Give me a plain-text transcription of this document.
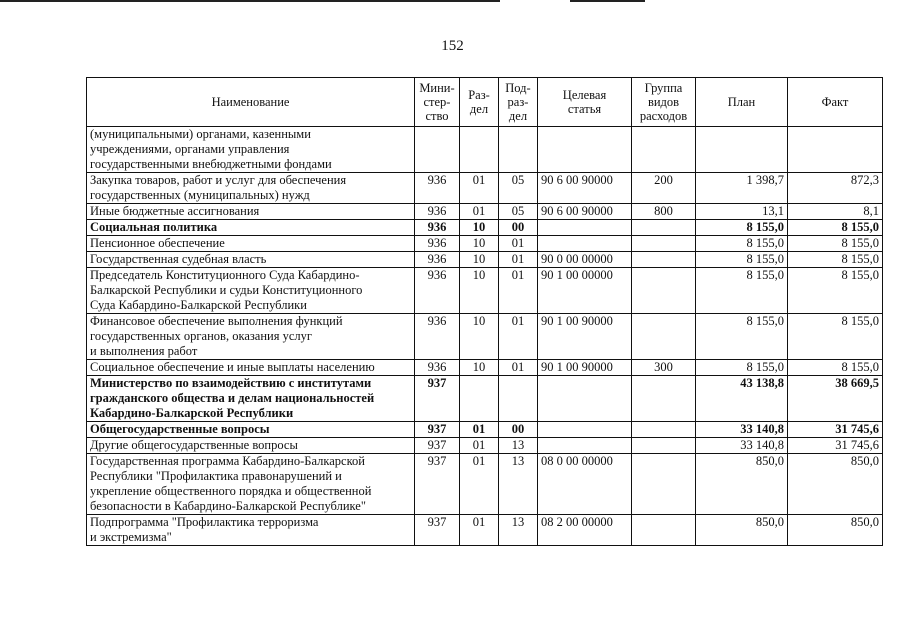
152
Наименование	Мини-
стер-
ство	Раз-
дел	Под-
раз-
дел	Целевая
статья	Группа
видов
расходов	План	Факт
(муниципальными) органами, казенными
учреждениями, органами управления
государственными внебюджетными фондами							
Закупка товаров, работ и услуг для обеспечения
государственных (муниципальных) нужд	936	01	05	90 6 00 90000	200	1 398,7	872,3
Иные бюджетные ассигнования	936	01	05	90 6 00 90000	800	13,1	8,1
Социальная политика	936	10	00			8 155,0	8 155,0
Пенсионное обеспечение	936	10	01			8 155,0	8 155,0
Государственная судебная власть	936	10	01	90 0 00 00000		8 155,0	8 155,0
Председатель Конституционного Суда Кабардино-
Балкарской Республики и судьи Конституционного
Суда Кабардино-Балкарской Республики	936	10	01	90 1 00 00000		8 155,0	8 155,0
Финансовое обеспечение выполнения функций
государственных органов, оказания услуг
и выполнения работ	936	10	01	90 1 00 90000		8 155,0	8 155,0
Социальное обеспечение и иные выплаты населению	936	10	01	90 1 00 90000	300	8 155,0	8 155,0
Министерство по взаимодействию с институтами
гражданского общества и делам национальностей
Кабардино-Балкарской Республики	937					43 138,8	38 669,5
Общегосударственные вопросы	937	01	00			33 140,8	31 745,6
Другие общегосударственные вопросы	937	01	13			33 140,8	31 745,6
Государственная программа Кабардино-Балкарской
Республики "Профилактика правонарушений и
укрепление общественного порядка и общественной
безопасности в Кабардино-Балкарской Республике"	937	01	13	08 0 00 00000		850,0	850,0
Подпрограмма "Профилактика терроризма
и экстремизма"	937	01	13	08 2 00 00000		850,0	850,0
